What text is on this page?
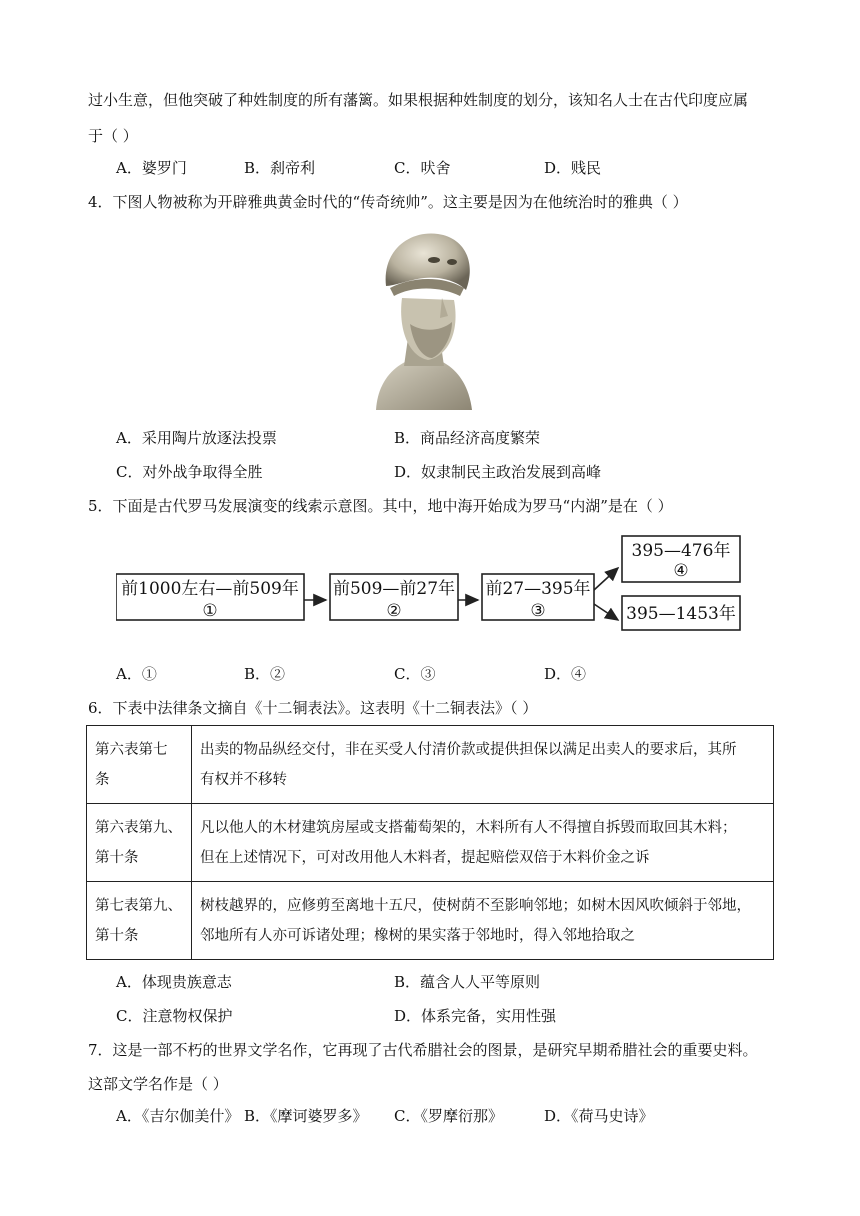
过小生意，但他突破了种姓制度的所有藩篱。如果根据种姓制度的划分，该知名人士在古代印度应属
于（ ）
A．婆罗门	B．刹帝利	C．吠舍	D．贱民
4．下图人物被称为开辟雅典黄金时代的“传奇统帅”。这主要是因为在他统治时的雅典（ ）
A．采用陶片放逐法投票	B．商品经济高度繁荣
C．对外战争取得全胜	D．奴隶制民主政治发展到高峰
5．下面是古代罗马发展演变的线索示意图。其中，地中海开始成为罗马“内湖”是在（ ）
前1000左右—前509年
①
前509—前27年
②
前27—395年
③
395—476年
④
395—1453年
A．①	B．②	C．③	D．④
6．下表中法律条文摘自《十二铜表法》。这表明《十二铜表法》（ ）
第六表第七
条	出卖的物品纵经交付，非在买受人付清价款或提供担保以满足出卖人的要求后，其所
有权并不移转
第六表第九、
第十条	凡以他人的木材建筑房屋或支搭葡萄架的，木料所有人不得擅自拆毁而取回其木料；
但在上述情况下，可对改用他人木料者，提起赔偿双倍于木料价金之诉
第七表第九、
第十条	树枝越界的，应修剪至离地十五尺，使树荫不至影响邻地；如树木因风吹倾斜于邻地，
邻地所有人亦可诉诸处理；橡树的果实落于邻地时，得入邻地拾取之
A．体现贵族意志	B．蕴含人人平等原则
C．注意物权保护	D．体系完备，实用性强
7．这是一部不朽的世界文学名作，它再现了古代希腊社会的图景，是研究早期希腊社会的重要史料。
这部文学名作是（ ）
A．《吉尔伽美什》 B．《摩诃婆罗多》 C．《罗摩衍那》	D．《荷马史诗》
